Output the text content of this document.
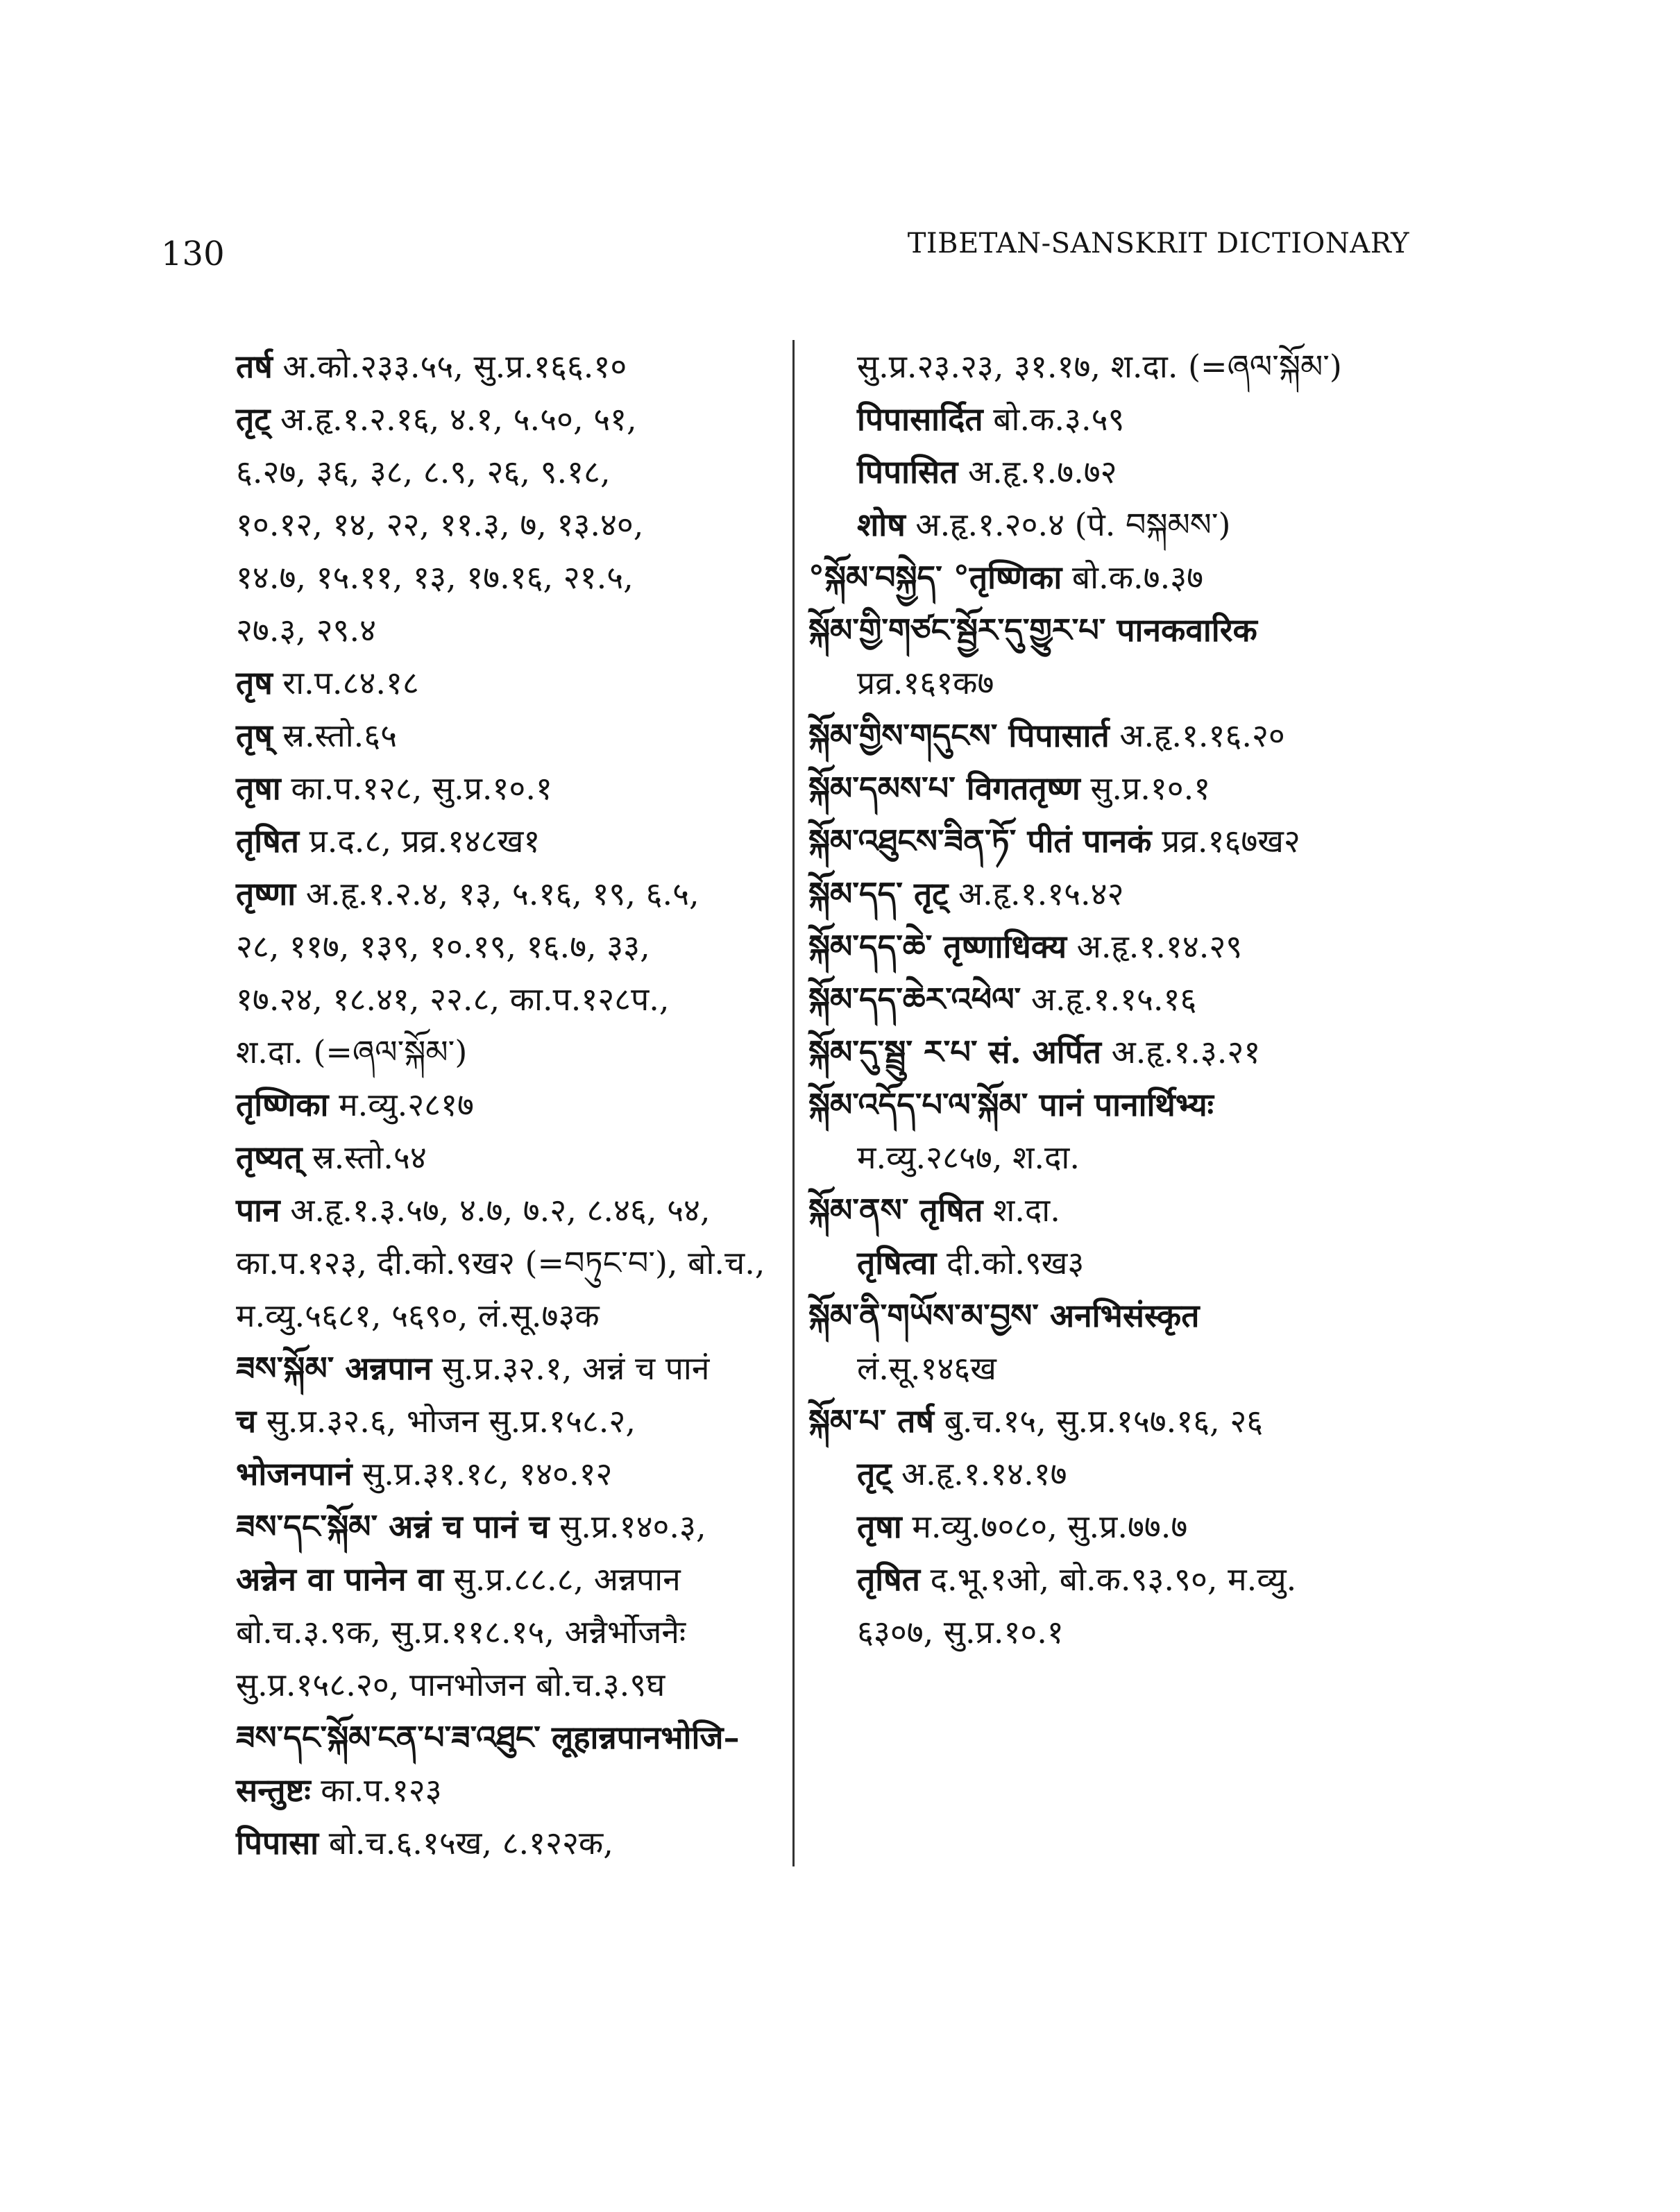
130	TIBETAN-SANSKRIT DICTIONARY
तर्ष अ.को.२३३.५५, सु.प्र.१६६.१०
तृट् अ.हृ.१.२.१६, ४.१, ५.५०, ५१,
६.२७, ३६, ३८, ८.९, २६, ९.१८,
१०.१२, १४, २२, ११.३, ७, १३.४०,
१४.७, १५.११, १३, १७.१६, २१.५,
२७.३, २९.४
तृष रा.प.८४.१८
तृष् स्र.स्तो.६५
तृषा का.प.१२८, सु.प्र.१०.१
तृषित प्र.द.८, प्रव्र.१४८ख१
तृष्णा अ.हृ.१.२.४, १३, ५.१६, १९, ६.५,
२८, ११७, १३९, १०.१९, १६.७, ३३,
१७.२४, १८.४१, २२.८, का.प.१२८प.,
श.दा. (=ཞལ་སྐོམ་)
तृष्णिका म.व्यु.२८१७
तृष्यत् स्र.स्तो.५४
पान अ.हृ.१.३.५७, ४.७, ७.२, ८.४६, ५४,
का.प.१२३, दी.को.९ख२ (=བཏུང་བ་), बो.च.,
म.व्यु.५६८१, ५६९०, लं.सू.७३क
ཟས་སྐོམ་ अन्नपान सु.प्र.३२.१, अन्नं च पानं
च सु.प्र.३२.६, भोजन सु.प्र.१५८.२,
भोजनपानं सु.प्र.३१.१८, १४०.१२
ཟས་དང་སྐོམ་ अन्नं च पानं च सु.प्र.१४०.३,
अन्नेन वा पानेन वा सु.प्र.८८.८, अन्नपान
बो.च.३.९क, सु.प्र.११८.१५, अन्नैर्भोजनैः
सु.प्र.१५८.२०, पानभोजन बो.च.३.९घ
ཟས་དང་སྐོམ་ངན་པ་ཟ་འཐུང་ लूहान्नपानभोजि–
सन्तुष्टः का.प.१२३
पिपासा बो.च.६.१५ख, ८.१२२क,
सु.प्र.२३.२३, ३१.१७, श.दा. (=ཞལ་སྐོམ་)
पिपासार्दित बो.क.३.५९
पिपासित अ.हृ.१.७.७२
शोष अ.हृ.१.२०.४ (पे. བསྐམས་)
°སྐོམ་བསྐྱེད་ °तृष्णिका बो.क.७.३७
སྐོམ་གྱི་གཙང་སྦྱོར་དུ་གྱུར་པ་ पानकवारिक
प्रव्र.१६१क७
སྐོམ་གྱིས་གདུངས་ पिपासार्त अ.हृ.१.१६.२०
སྐོམ་དམས་པ་ विगततृष्ण सु.प्र.१०.१
སྐོམ་འཐུངས་ཟིན་ཏོ་ पीतं पानकं प्रव्र.१६७ख२
སྐོམ་དད་ तृट् अ.हृ.१.१५.४२
སྐོམ་དད་ཆེ་ तृष्णाधिक्य अ.हृ.१.१४.२९
སྐོམ་དད་ཆེར་འཕེལ་ अ.हृ.१.१५.१६
སྐོམ་དུ་སྦྲུ་ ར་པ་ सं. अर्पित अ.हृ.१.३.२१
སྐོམ་འདོད་པ་ལ་སྐོམ་ पानं पानार्थिभ्यः
म.व्यु.२८५७, श.दा.
སྐོམ་ནས་ तृषित श.दा.
तृषित्वा दी.को.९ख३
སྐོམ་ནི་གཡོས་མ་བྱས་ अनभिसंस्कृत
लं.सू.१४६ख
སྐོམ་པ་ तर्ष बु.च.१५, सु.प्र.१५७.१६, २६
तृट् अ.हृ.१.१४.१७
तृषा म.व्यु.७०८०, सु.प्र.७७.७
तृषित द.भू.१ओ, बो.क.९३.९०, म.व्यु.
६३०७, सु.प्र.१०.१
